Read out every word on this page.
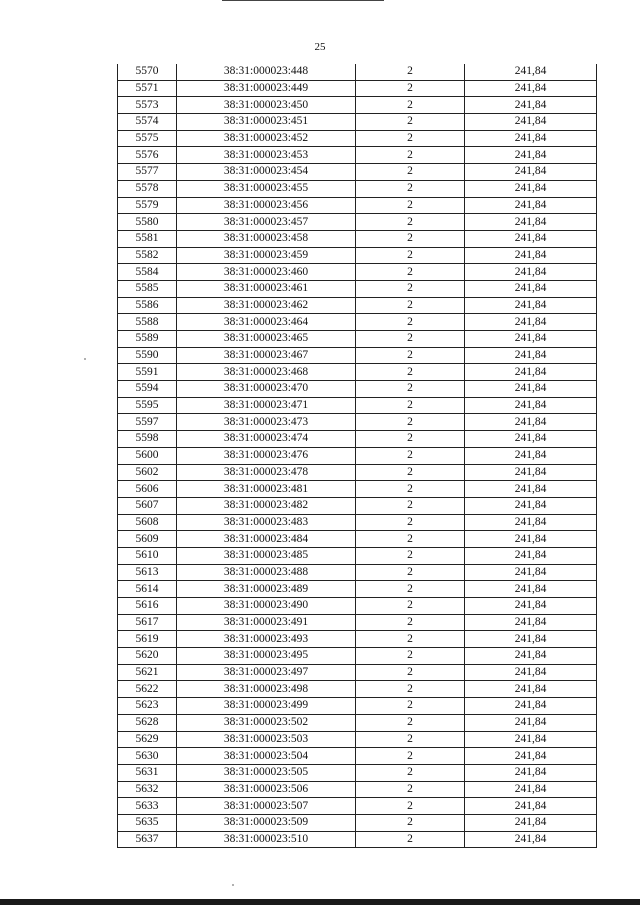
25
5570	38:31:000023:448	2	241,84
5571	38:31:000023:449	2	241,84
5573	38:31:000023:450	2	241,84
5574	38:31:000023:451	2	241,84
5575	38:31:000023:452	2	241,84
5576	38:31:000023:453	2	241,84
5577	38:31:000023:454	2	241,84
5578	38:31:000023:455	2	241,84
5579	38:31:000023:456	2	241,84
5580	38:31:000023:457	2	241,84
5581	38:31:000023:458	2	241,84
5582	38:31:000023:459	2	241,84
5584	38:31:000023:460	2	241,84
5585	38:31:000023:461	2	241,84
5586	38:31:000023:462	2	241,84
5588	38:31:000023:464	2	241,84
5589	38:31:000023:465	2	241,84
5590	38:31:000023:467	2	241,84
5591	38:31:000023:468	2	241,84
5594	38:31:000023:470	2	241,84
5595	38:31:000023:471	2	241,84
5597	38:31:000023:473	2	241,84
5598	38:31:000023:474	2	241,84
5600	38:31:000023:476	2	241,84
5602	38:31:000023:478	2	241,84
5606	38:31:000023:481	2	241,84
5607	38:31:000023:482	2	241,84
5608	38:31:000023:483	2	241,84
5609	38:31:000023:484	2	241,84
5610	38:31:000023:485	2	241,84
5613	38:31:000023:488	2	241,84
5614	38:31:000023:489	2	241,84
5616	38:31:000023:490	2	241,84
5617	38:31:000023:491	2	241,84
5619	38:31:000023:493	2	241,84
5620	38:31:000023:495	2	241,84
5621	38:31:000023:497	2	241,84
5622	38:31:000023:498	2	241,84
5623	38:31:000023:499	2	241,84
5628	38:31:000023:502	2	241,84
5629	38:31:000023:503	2	241,84
5630	38:31:000023:504	2	241,84
5631	38:31:000023:505	2	241,84
5632	38:31:000023:506	2	241,84
5633	38:31:000023:507	2	241,84
5635	38:31:000023:509	2	241,84
5637	38:31:000023:510	2	241,84
